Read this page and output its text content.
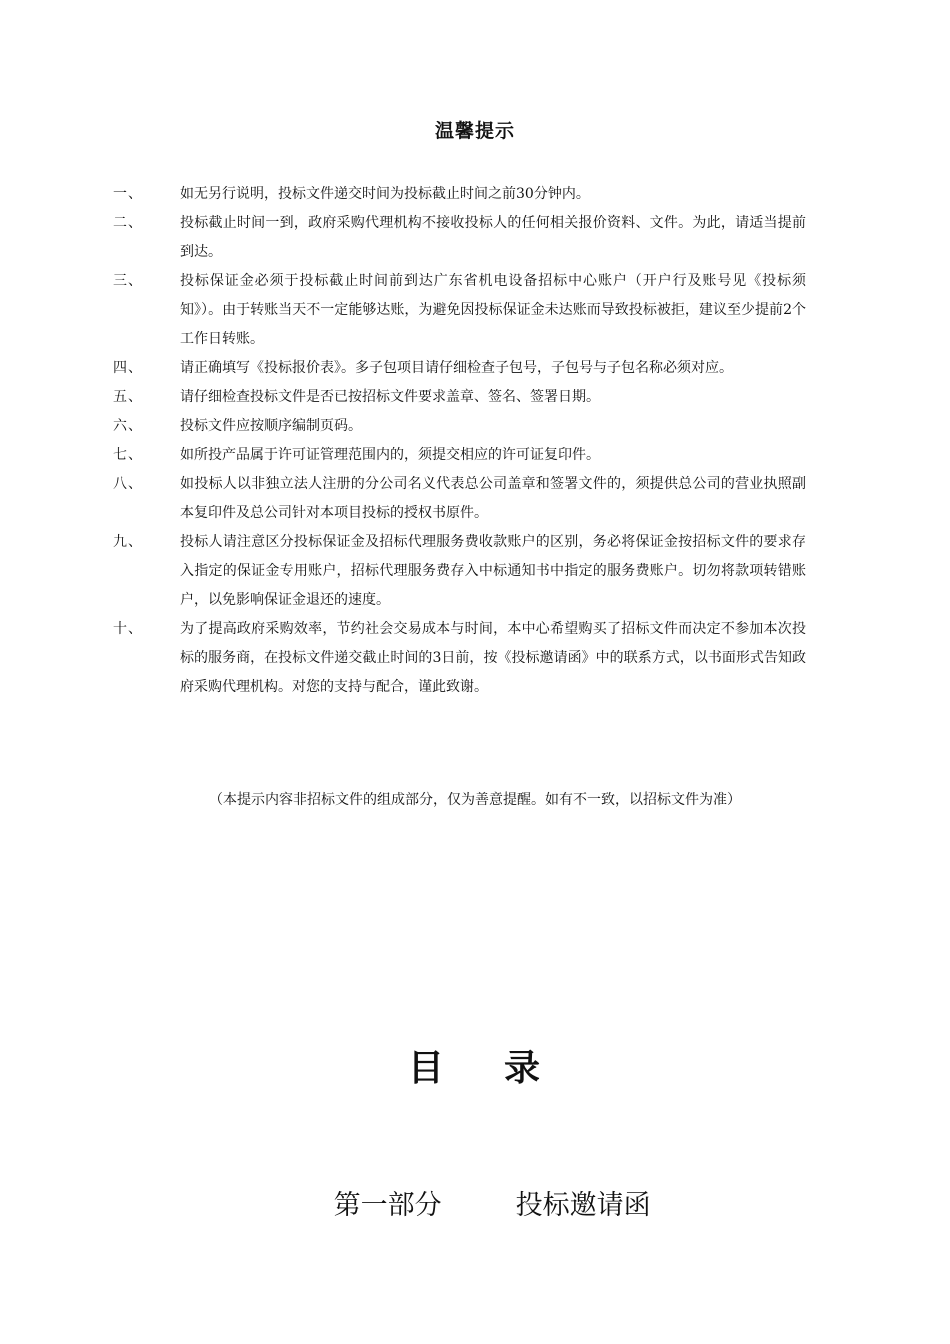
温馨提示
一、	如无另行说明，投标文件递交时间为投标截止时间之前30分钟内。
二、	投标截止时间一到，政府采购代理机构不接收投标人的任何相关报价资料、文件。为此，请适当提前到达。
三、	投标保证金必须于投标截止时间前到达广东省机电设备招标中心账户（开户行及账号见《投标须知》）。由于转账当天不一定能够达账，为避免因投标保证金未达账而导致投标被拒，建议至少提前2个工作日转账。
四、	请正确填写《投标报价表》。多子包项目请仔细检查子包号，子包号与子包名称必须对应。
五、	请仔细检查投标文件是否已按招标文件要求盖章、签名、签署日期。
六、	投标文件应按顺序编制页码。
七、	如所投产品属于许可证管理范围内的，须提交相应的许可证复印件。
八、	如投标人以非独立法人注册的分公司名义代表总公司盖章和签署文件的，须提供总公司的营业执照副本复印件及总公司针对本项目投标的授权书原件。
九、	投标人请注意区分投标保证金及招标代理服务费收款账户的区别，务必将保证金按招标文件的要求存入指定的保证金专用账户，招标代理服务费存入中标通知书中指定的服务费账户。切勿将款项转错账户，以免影响保证金退还的速度。
十、	为了提高政府采购效率，节约社会交易成本与时间，本中心希望购买了招标文件而决定不参加本次投标的服务商，在投标文件递交截止时间的3日前，按《投标邀请函》中的联系方式，以书面形式告知政府采购代理机构。对您的支持与配合，谨此致谢。
（本提示内容非招标文件的组成部分，仅为善意提醒。如有不一致，以招标文件为准）
目    录

第一部分	投标邀请函
